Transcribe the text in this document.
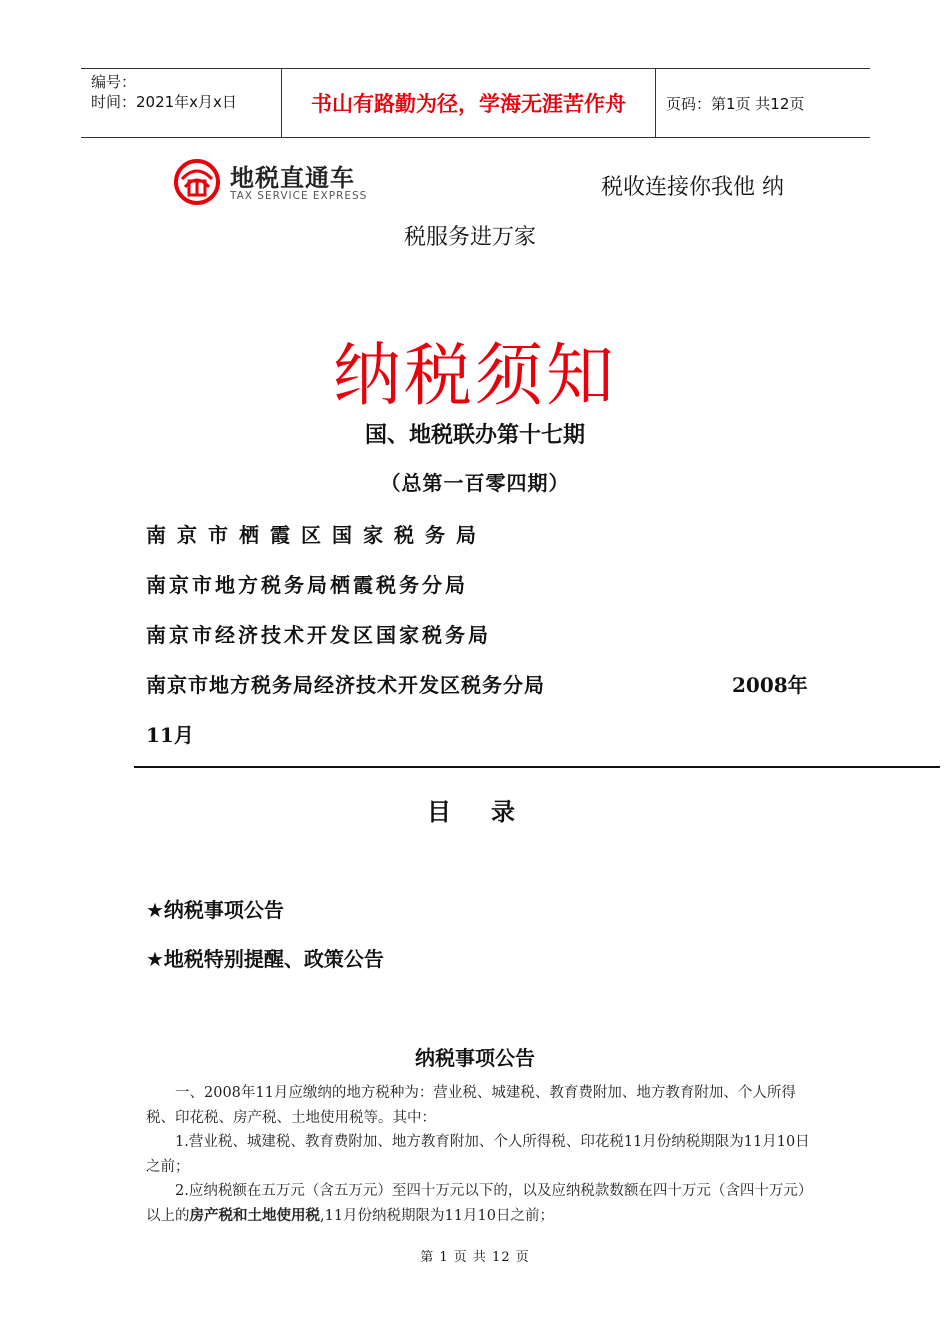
编号：
时间：2021年x月x日	书山有路勤为径，学海无涯苦作舟	页码：第1页 共12页
地税直通车
TAX SERVICE EXPRESS	税收连接你我他 纳
税服务进万家
纳税须知
国、地税联办第十七期
（总第一百零四期）
南京市栖霞区国家税务局
南京市地方税务局栖霞税务分局
南京市经济技术开发区国家税务局
南京市地方税务局经济技术开发区税务分局	2008年
11月
目录
★纳税事项公告
★地税特别提醒、政策公告
纳税事项公告

一、2008年11月应缴纳的地方税种为：营业税、城建税、教育费附加、地方教育附加、个人所得税、印花税、房产税、土地使用税等。其中：

1.营业税、城建税、教育费附加、地方教育附加、个人所得税、印花税11月份纳税期限为11月10日之前；

2.应纳税额在五万元（含五万元）至四十万元以下的，以及应纳税款数额在四十万元（含四十万元）以上的房产税和土地使用税,11月份纳税期限为11月10日之前；

第 1 页 共 12 页
